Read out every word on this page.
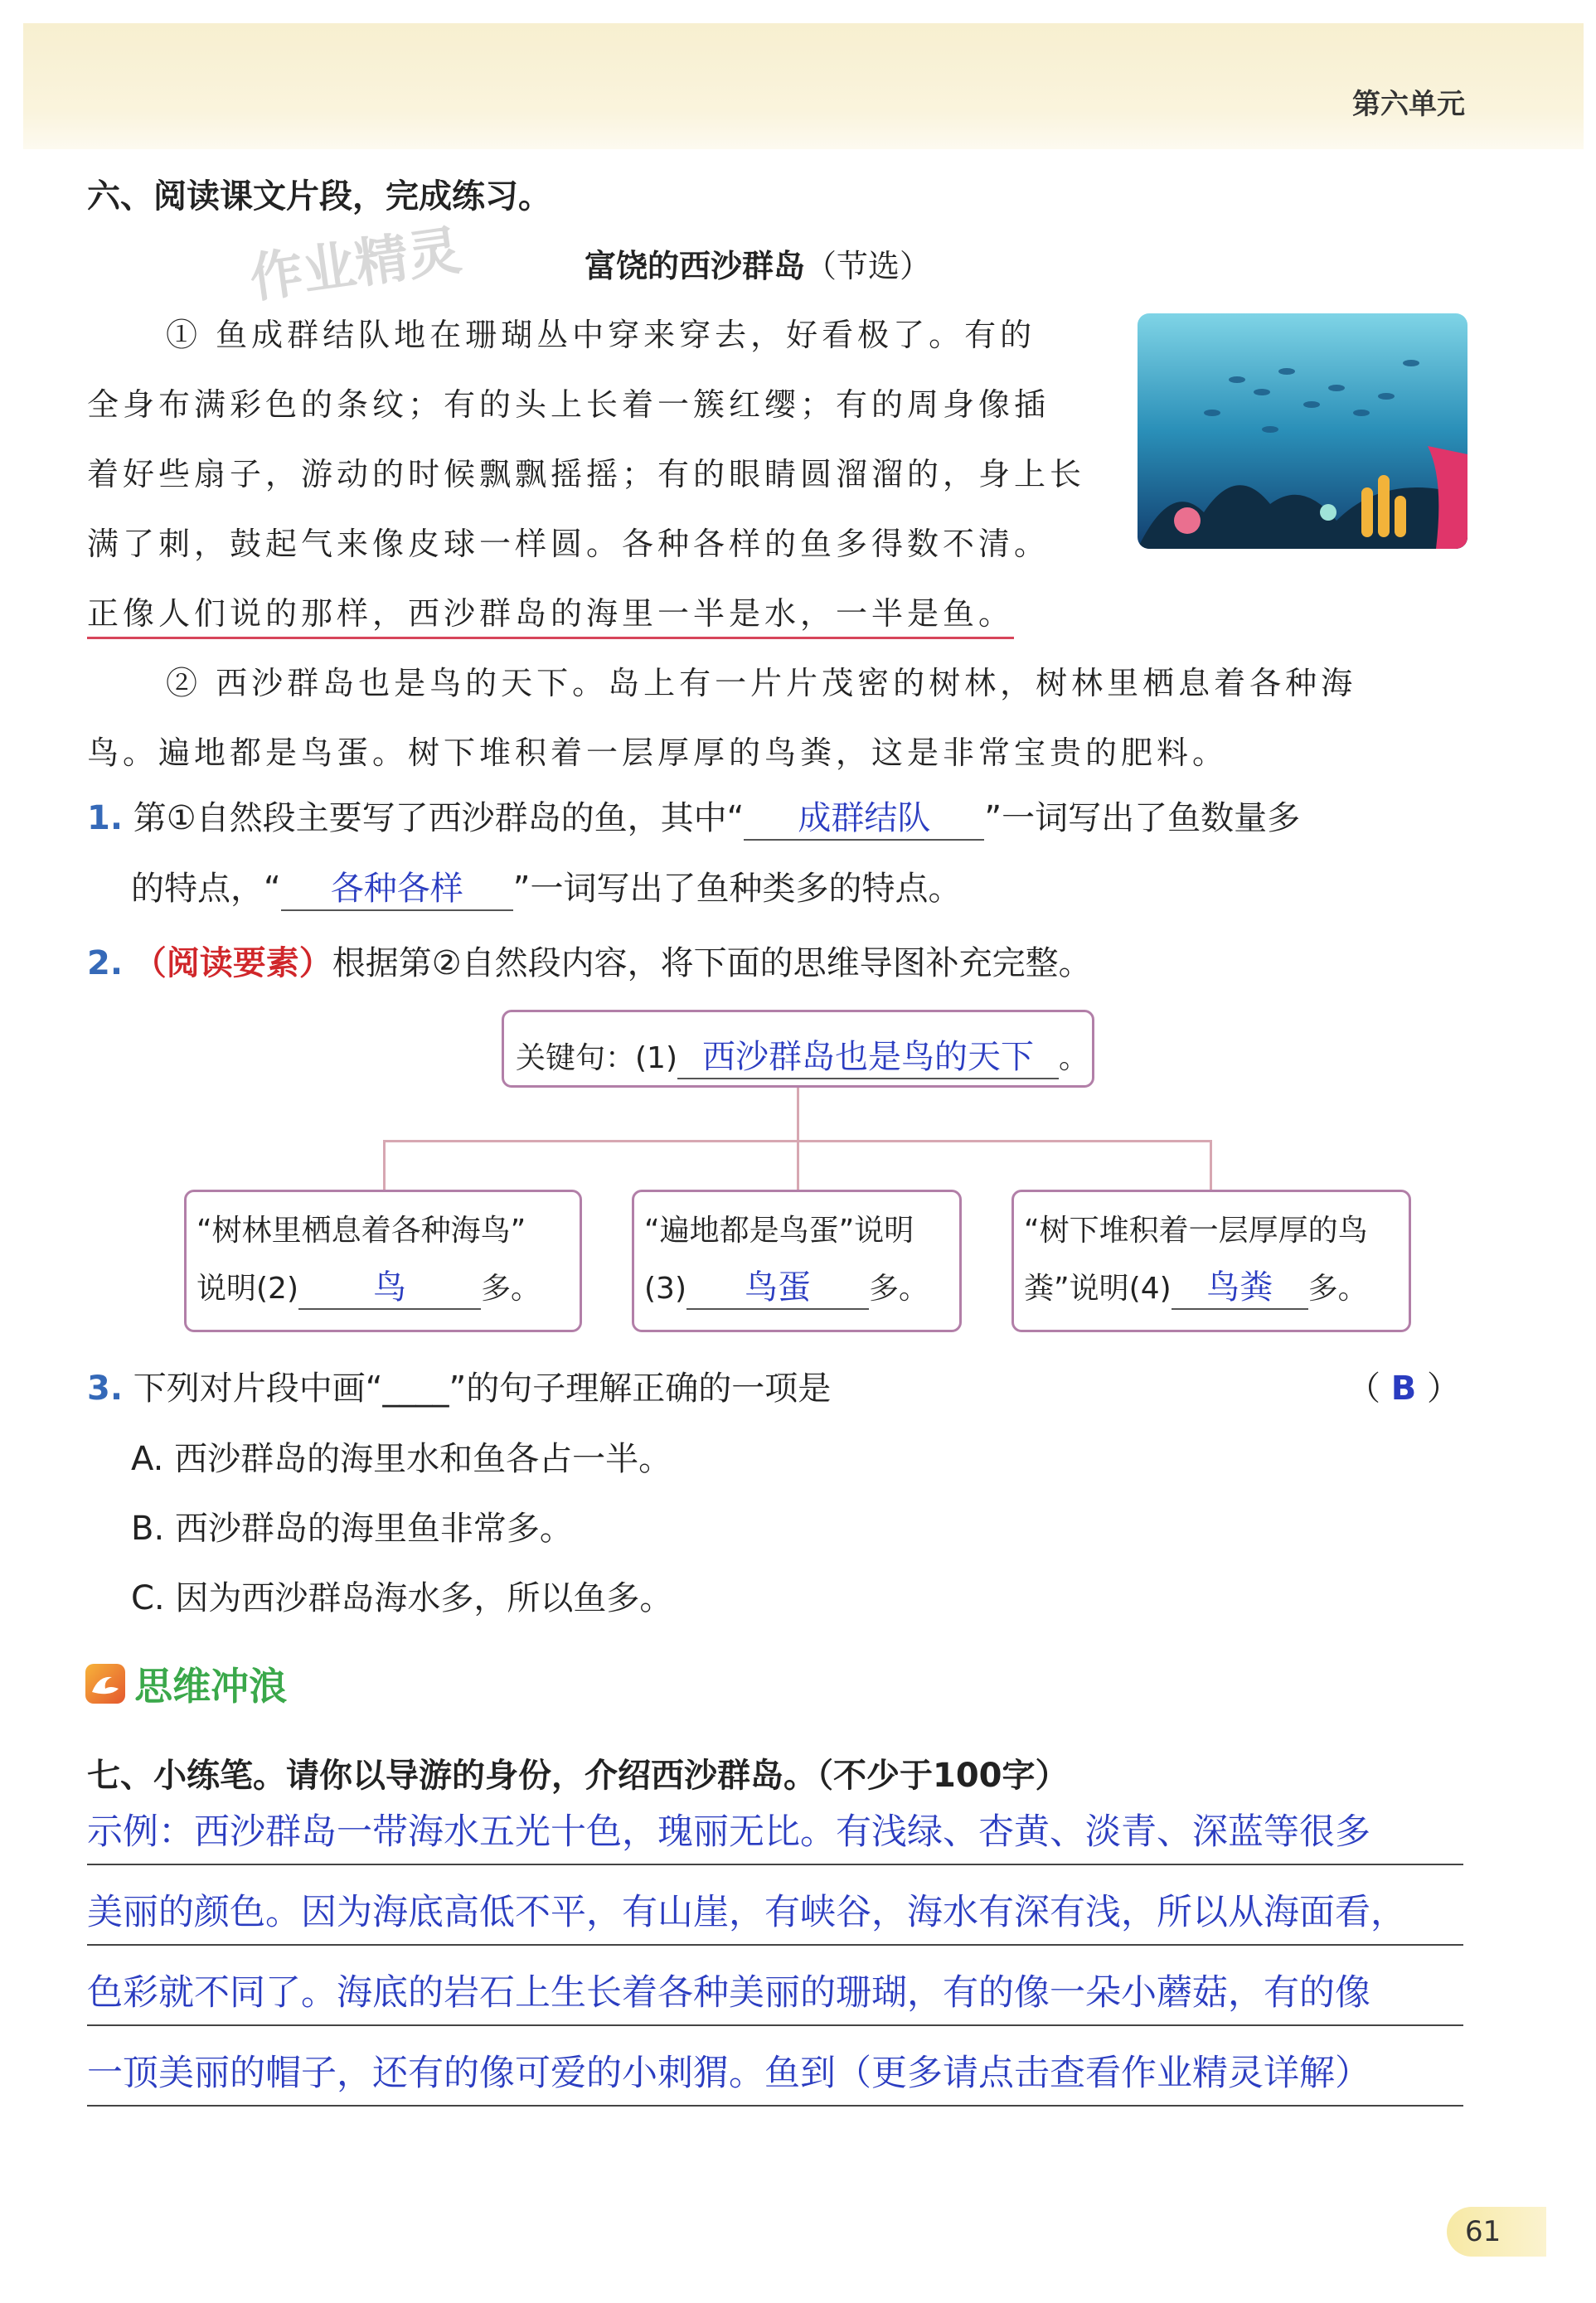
第六单元
六、阅读课文片段，完成练习。
作业精灵	富饶的西沙群岛（节选）
① 鱼成群结队地在珊瑚丛中穿来穿去，好看极了。有的
全身布满彩色的条纹；有的头上长着一簇红缨；有的周身像插
着好些扇子，游动的时候飘飘摇摇；有的眼睛圆溜溜的，身上长
满了刺，鼓起气来像皮球一样圆。各种各样的鱼多得数不清。
正像人们说的那样，西沙群岛的海里一半是水，一半是鱼。
② 西沙群岛也是鸟的天下。岛上有一片片茂密的树林，树林里栖息着各种海
鸟。遍地都是鸟蛋。树下堆积着一层厚厚的鸟粪，这是非常宝贵的肥料。
1. 第①自然段主要写了西沙群岛的鱼，其中“ 成群结队 ”一词写出了鱼数量多
的特点，“ 各种各样 ”一词写出了鱼种类多的特点。
2. （阅读要素）根据第②自然段内容，将下面的思维导图补充完整。
关键句：(1) 西沙群岛也是鸟的天下 。
“树林里栖息着各种海鸟”
说明(2) 鸟	多。
“遍地都是鸟蛋”说明
(3) 鸟蛋 多。
“树下堆积着一层厚厚的鸟
粪”说明(4) 鸟粪 多。
3. 下列对片段中画“____”的句子理解正确的一项是	（ B ）
A. 西沙群岛的海里水和鱼各占一半。
B. 西沙群岛的海里鱼非常多。
C. 因为西沙群岛海水多，所以鱼多。
思维冲浪
七、小练笔。请你以导游的身份，介绍西沙群岛。（不少于100字）
示例：西沙群岛一带海水五光十色，瑰丽无比。有浅绿、杏黄、淡青、深蓝等很多
美丽的颜色。因为海底高低不平，有山崖，有峡谷，海水有深有浅，所以从海面看，
色彩就不同了。海底的岩石上生长着各种美丽的珊瑚，有的像一朵小蘑菇，有的像
一顶美丽的帽子，还有的像可爱的小刺猬。鱼到（更多请点击查看作业精灵详解）
61
